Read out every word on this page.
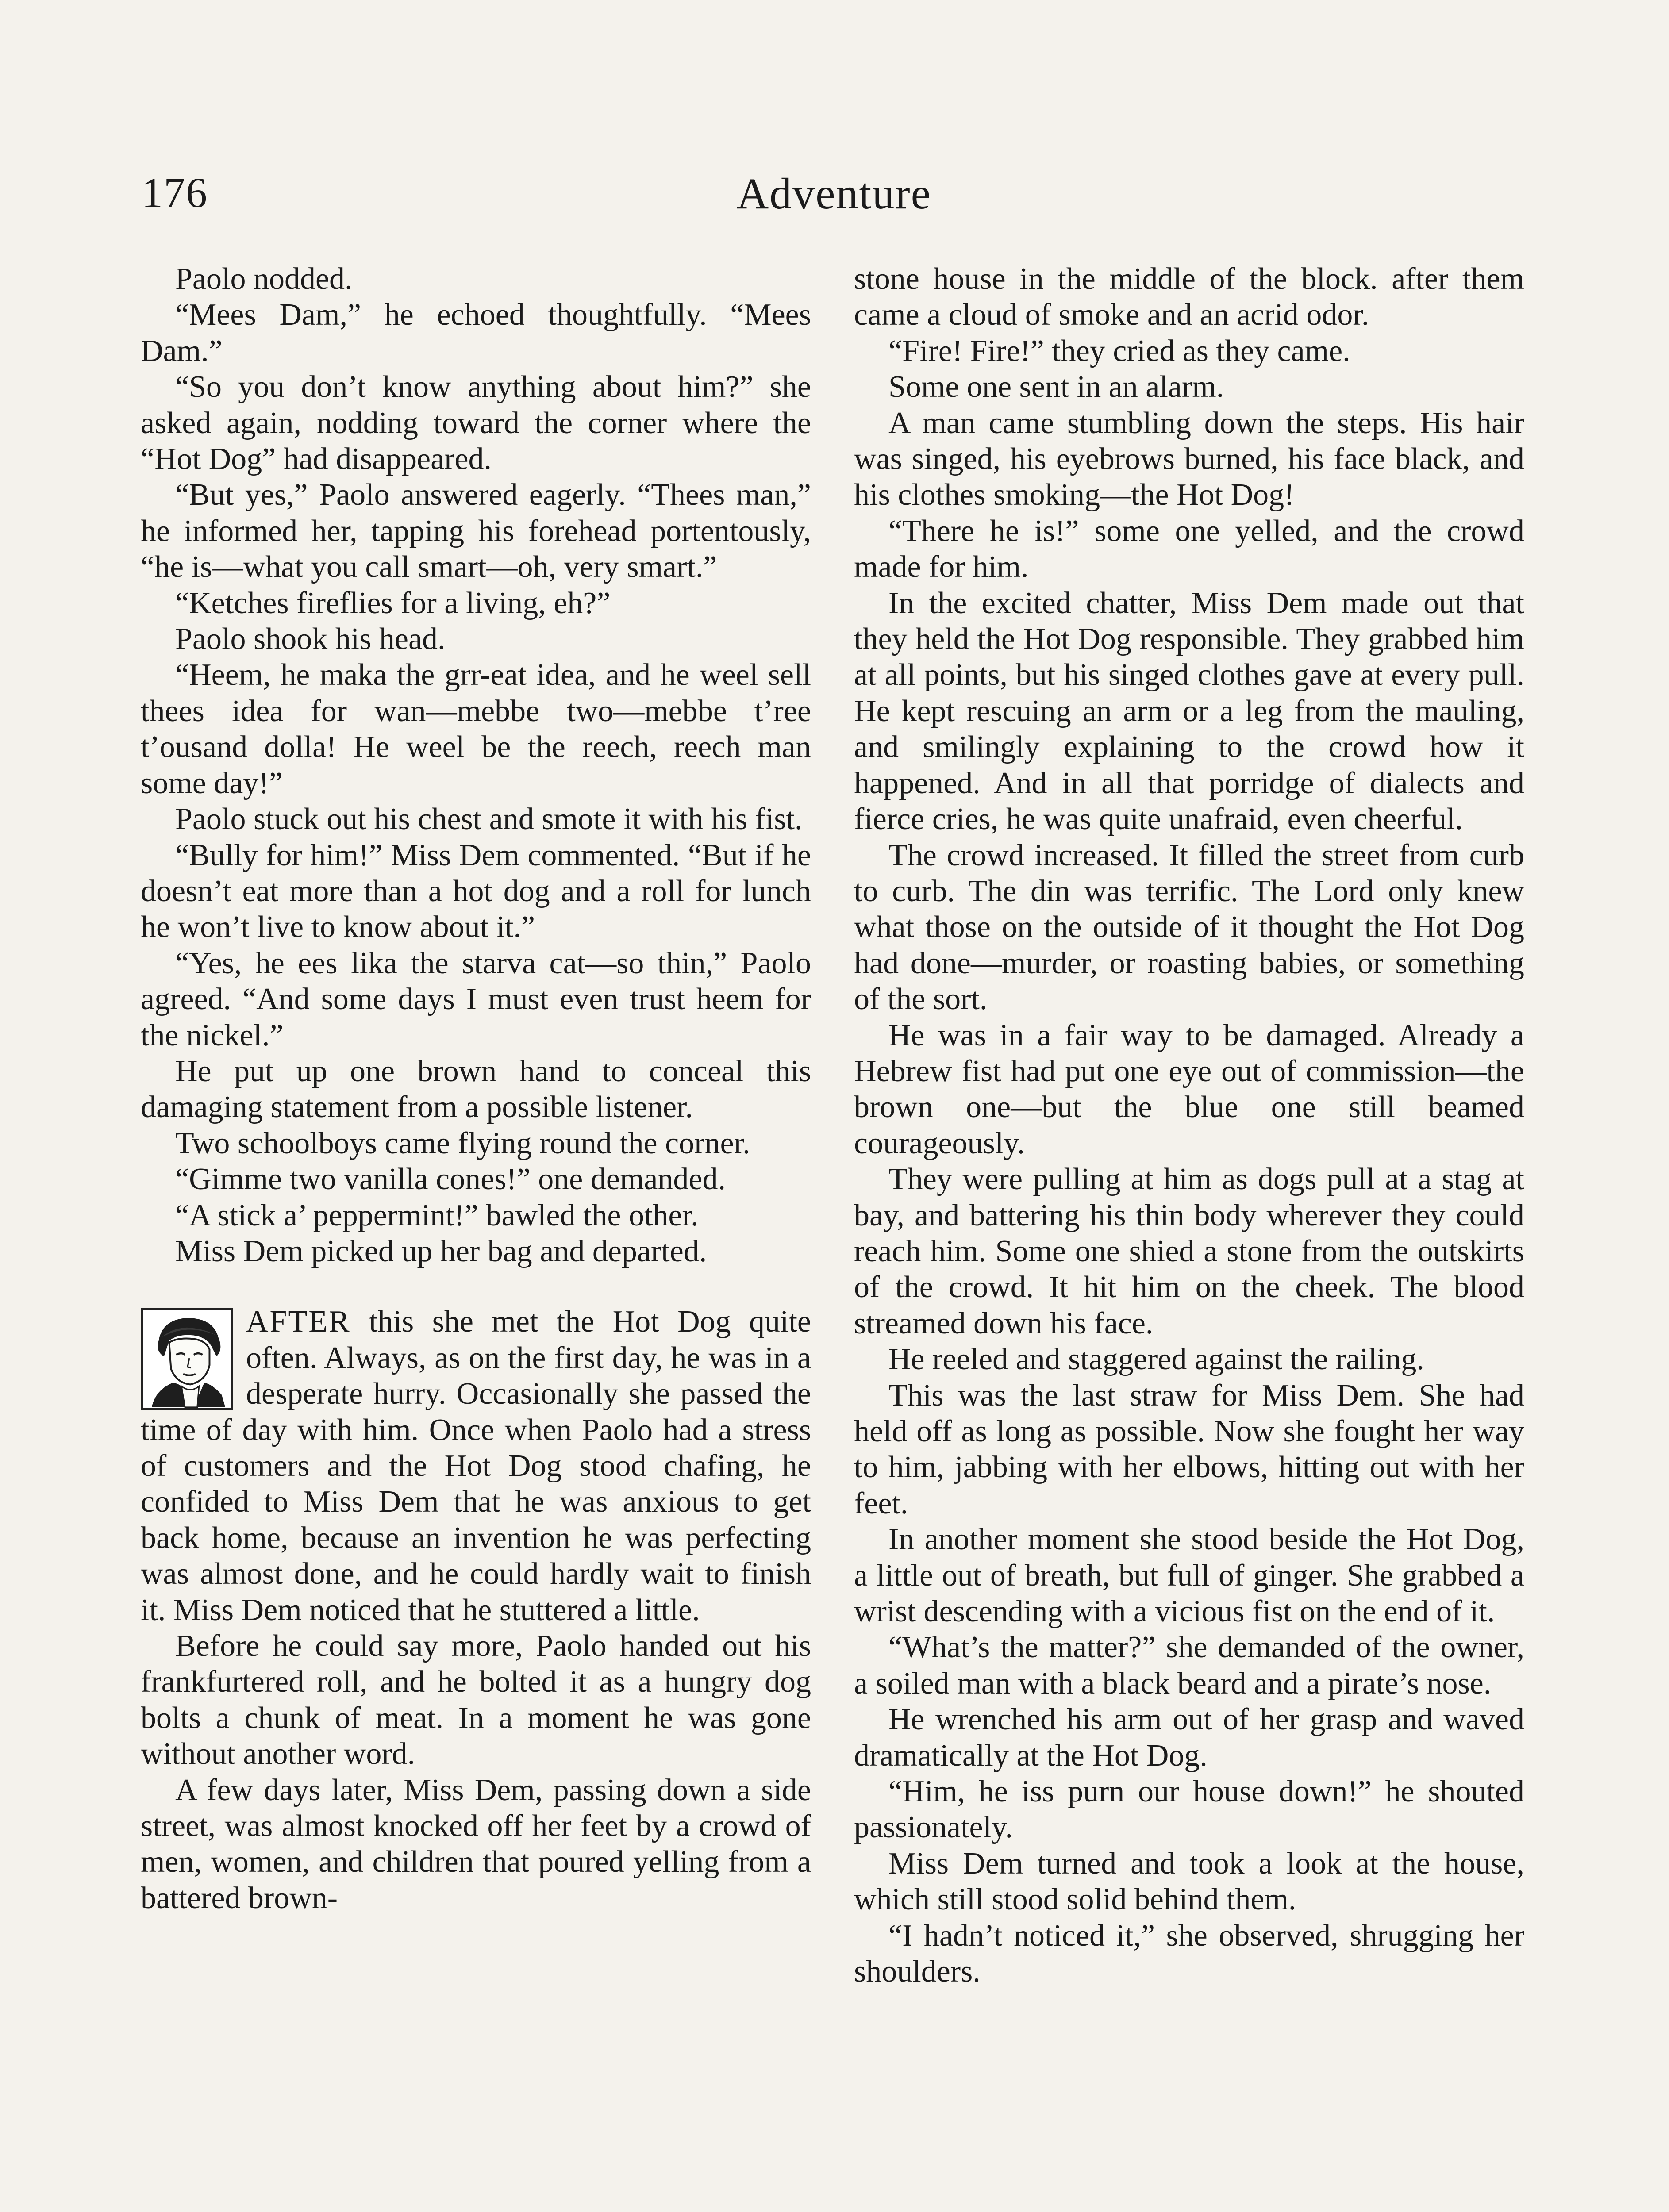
176	Adventure

Paolo nodded.

“Mees Dam,” he echoed thoughtfully. “Mees Dam.”

“So you don’t know anything about him?” she asked again, nodding toward the corner where the “Hot Dog” had disappeared.

“But yes,” Paolo answered eagerly. “Thees man,” he informed her, tapping his forehead portentously, “he is—what you call smart—oh, very smart.”

“Ketches fireflies for a living, eh?”

Paolo shook his head.

“Heem, he maka the grr-eat idea, and he weel sell thees idea for wan—mebbe two—mebbe t’ree t’ousand dolla! He weel be the reech, reech man some day!”

Paolo stuck out his chest and smote it with his fist.

“Bully for him!” Miss Dem commented. “But if he doesn’t eat more than a hot dog and a roll for lunch he won’t live to know about it.”

“Yes, he ees lika the starva cat—so thin,” Paolo agreed. “And some days I must even trust heem for the nickel.”

He put up one brown hand to conceal this damaging statement from a possible listener.

Two schoolboys came flying round the corner.

“Gimme two vanilla cones!” one demanded.

“A stick a’ peppermint!” bawled the other.

Miss Dem picked up her bag and departed.

AFTER this she met the Hot Dog quite often. Always, as on the first day, he was in a desperate hurry. Occasionally she passed the time of day with him. Once when Paolo had a stress of customers and the Hot Dog stood chafing, he confided to Miss Dem that he was anxious to get back home, because an invention he was perfecting was almost done, and he could hardly wait to finish it. Miss Dem noticed that he stuttered a little.

Before he could say more, Paolo handed out his frankfurtered roll, and he bolted it as a hungry dog bolts a chunk of meat. In a moment he was gone without another word.

A few days later, Miss Dem, passing down a side street, was almost knocked off her feet by a crowd of men, women, and children that poured yelling from a battered brown-

stone house in the middle of the block. after them came a cloud of smoke and an acrid odor.

“Fire! Fire!” they cried as they came.

Some one sent in an alarm.

A man came stumbling down the steps. His hair was singed, his eyebrows burned, his face black, and his clothes smoking—the Hot Dog!

“There he is!” some one yelled, and the crowd made for him.

In the excited chatter, Miss Dem made out that they held the Hot Dog responsible. They grabbed him at all points, but his singed clothes gave at every pull. He kept rescuing an arm or a leg from the mauling, and smilingly explaining to the crowd how it happened. And in all that porridge of dialects and fierce cries, he was quite unafraid, even cheerful.

The crowd increased. It filled the street from curb to curb. The din was terrific. The Lord only knew what those on the outside of it thought the Hot Dog had done—murder, or roasting babies, or something of the sort.

He was in a fair way to be damaged. Already a Hebrew fist had put one eye out of commission—the brown one—but the blue one still beamed courageously.

They were pulling at him as dogs pull at a stag at bay, and battering his thin body wherever they could reach him. Some one shied a stone from the outskirts of the crowd. It hit him on the cheek. The blood streamed down his face.

He reeled and staggered against the railing.

This was the last straw for Miss Dem. She had held off as long as possible. Now she fought her way to him, jabbing with her elbows, hitting out with her feet.

In another moment she stood beside the Hot Dog, a little out of breath, but full of ginger. She grabbed a wrist descending with a vicious fist on the end of it.

“What’s the matter?” she demanded of the owner, a soiled man with a black beard and a pirate’s nose.

He wrenched his arm out of her grasp and waved dramatically at the Hot Dog.

“Him, he iss purn our house down!” he shouted passionately.

Miss Dem turned and took a look at the house, which still stood solid behind them.

“I hadn’t noticed it,” she observed, shrugging her shoulders.
